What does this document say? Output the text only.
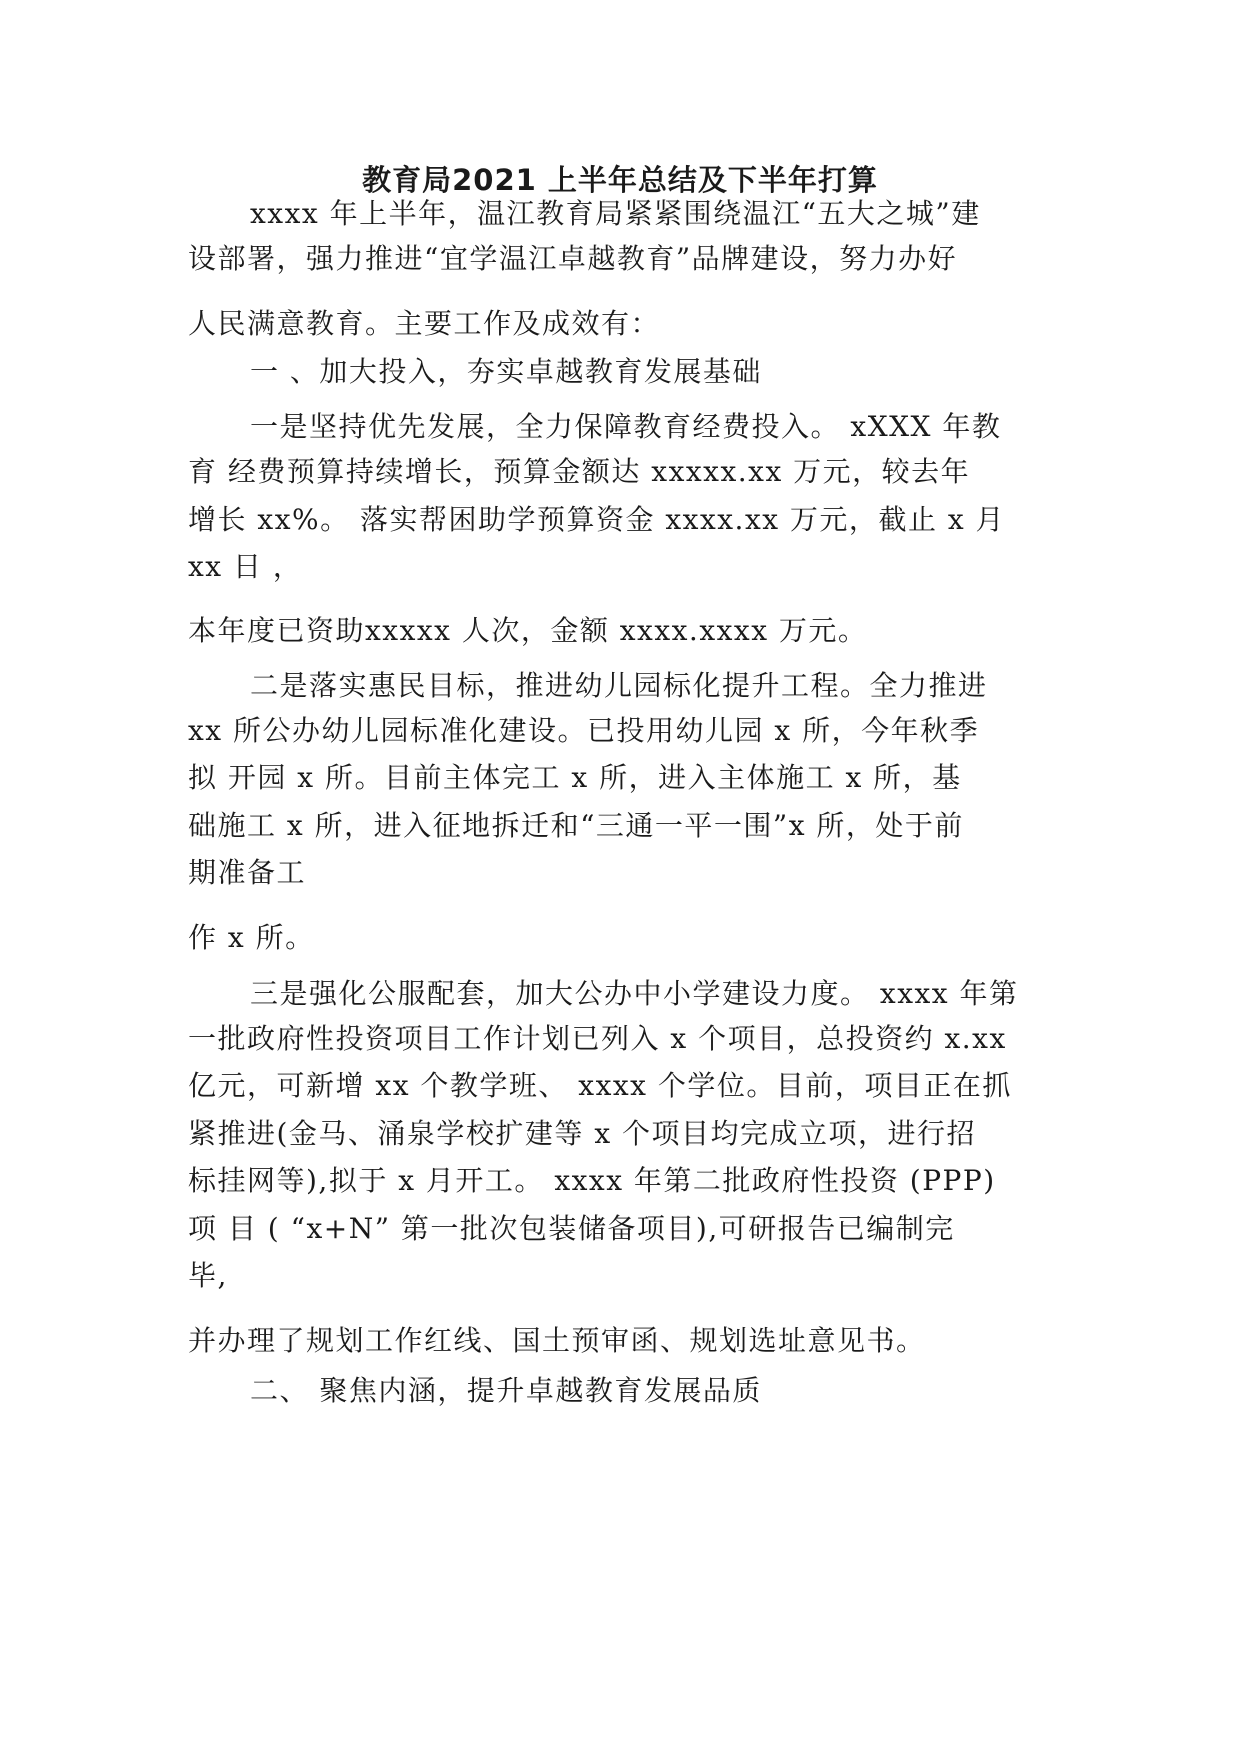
教育局2021 上半年总结及下半年打算
xxxx 年上半年，温江教育局紧紧围绕温江“五大之城”建
设部署，强力推进“宜学温江卓越教育”品牌建设，努力办好
人民满意教育。主要工作及成效有：
一 、加大投入，夯实卓越教育发展基础
一是坚持优先发展，全力保障教育经费投入。 xXXX 年教
育 经费预算持续增长，预算金额达 xxxxx.xx 万元，较去年
增长 xx%。 落实帮困助学预算资金 xxxx.xx 万元，截止 x 月
xx 日 ，
本年度已资助xxxxx 人次，金额 xxxx.xxxx 万元。
二是落实惠民目标，推进幼儿园标化提升工程。全力推进
xx 所公办幼儿园标准化建设。已投用幼儿园 x 所，今年秋季
拟 开园 x 所。目前主体完工 x 所，进入主体施工 x 所，基
础施工 x 所，进入征地拆迁和“三通一平一围”x 所，处于前
期准备工
作 x 所。
三是强化公服配套，加大公办中小学建设力度。 xxxx 年第
一批政府性投资项目工作计划已列入 x 个项目，总投资约 x.xx
亿元，可新增 xx 个教学班、 xxxx 个学位。目前，项目正在抓
紧推进(金马、涌泉学校扩建等 x 个项目均完成立项，进行招
标挂网等),拟于 x 月开工。 xxxx 年第二批政府性投资 (PPP)
项 目 ( “x+N” 第一批次包装储备项目),可研报告已编制完
毕,
并办理了规划工作红线、国土预审函、规划选址意见书。
二、 聚焦内涵，提升卓越教育发展品质
